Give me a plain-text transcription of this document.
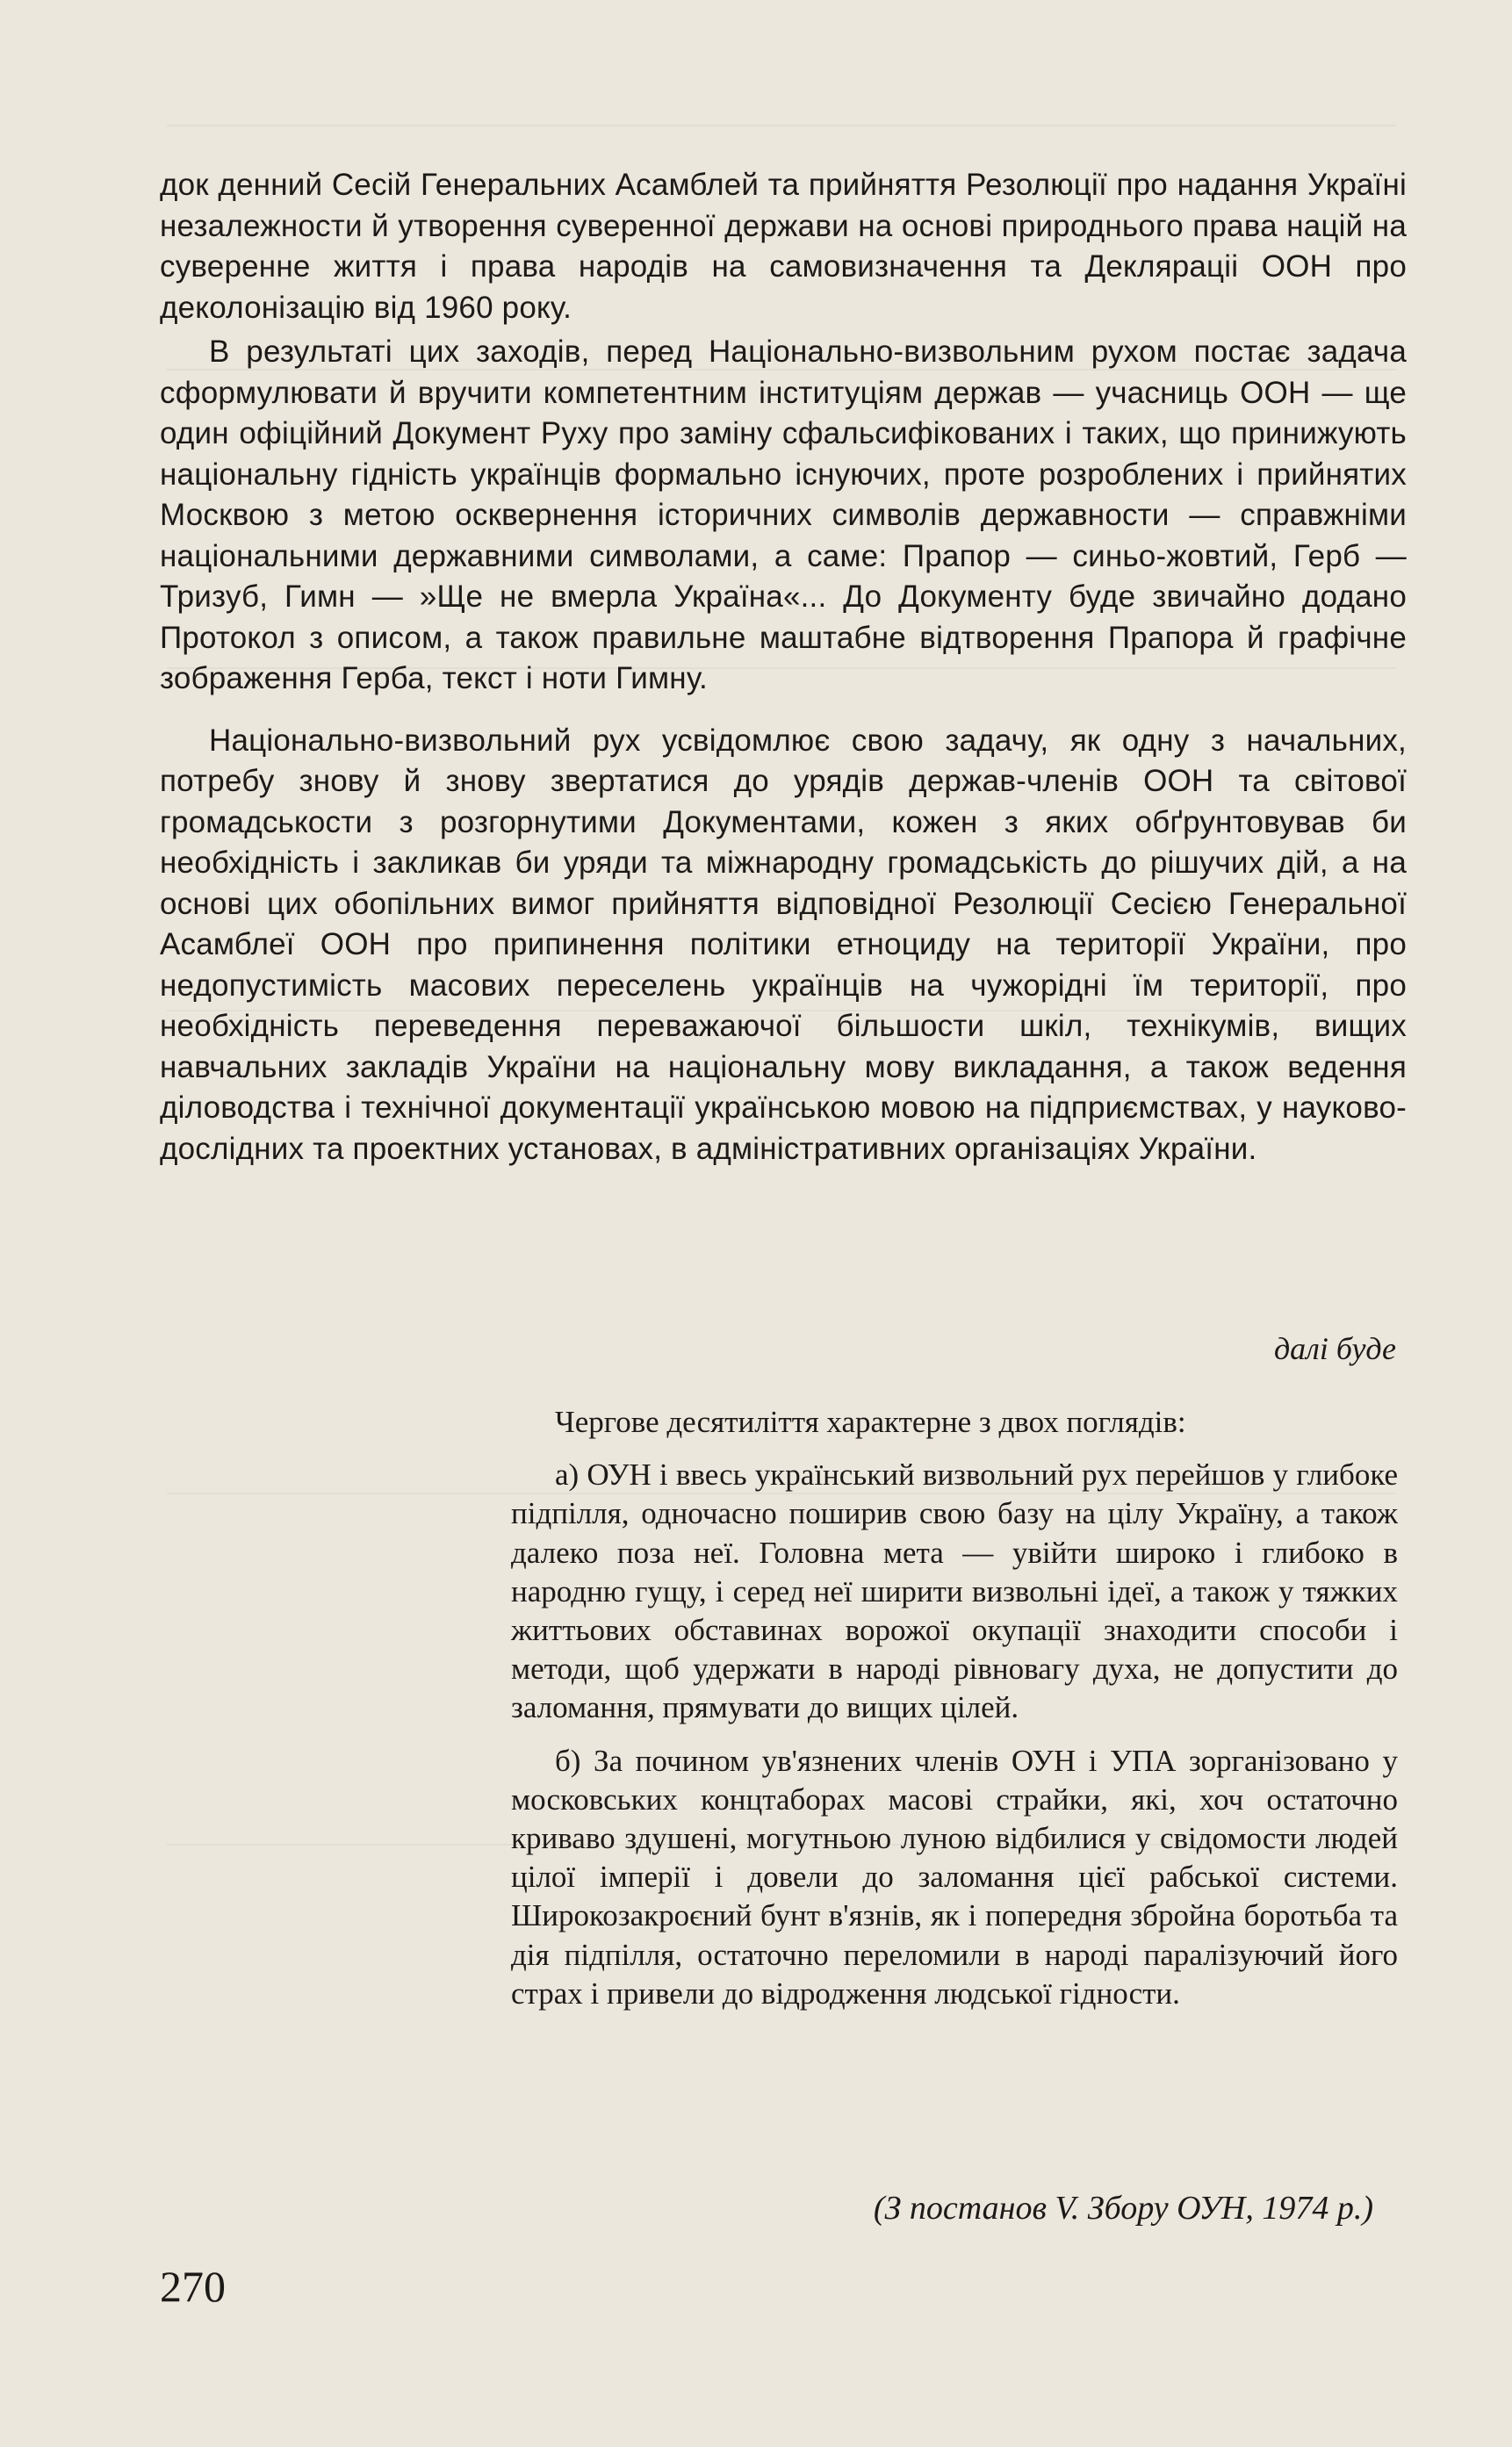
док денний Сесій Генеральних Асамблей та прийняття Резолюції про надання Україні незалежности й утворення суверенної держави на основі природнього права націй на суверенне життя і права народів на самовизначення та Декляраціі ООН про деколонізацію від 1960 року.

В результаті цих заходів, перед Національно-визвольним рухом постає задача сформулювати й вручити компетентним інституціям держав — учасниць ООН — ще один офіційний Документ Руху про заміну сфальсифікованих і таких, що принижують національну гідність українців формально існуючих, проте розроблених і прийнятих Москвою з метою осквернення історичних символів державности — справжніми національними державними символами, а саме: Прапор — синьо-жовтий, Герб — Тризуб, Гимн — »Ще не вмерла Україна«... До Документу буде звичайно додано Протокол з описом, а також правильне маштабне відтворення Прапора й графічне зображення Герба, текст і ноти Гимну.

Національно-визвольний рух усвідомлює свою задачу, як одну з начальних, потребу знову й знову звертатися до урядів держав-членів ООН та світової громадськости з розгорнутими Документами, кожен з яких обґрунтовував би необхідність і закликав би уряди та міжнародну громадськість до рішучих дій, а на основі цих обопільних вимог прийняття відповідної Резолюції Сесією Генеральної Асамблеї ООН про припинення політики етноциду на території України, про недопустимість масових переселень українців на чужорідні їм території, про необхідність переведення переважаючої більшости шкіл, технікумів, вищих навчальних закладів України на національну мову викладання, а також ведення діловодства і технічної документації українською мовою на підприємствах, у науково-дослідних та проектних установах, в адміністративних організаціях України.

далі буде

Чергове десятиліття характерне з двох поглядів:

а) ОУН і ввесь український визвольний рух перейшов у глибоке підпілля, одночасно поширив свою базу на цілу Україну, а також далеко поза неї. Головна мета — увійти широко і глибоко в народню гущу, і серед неї ширити визвольні ідеї, а також у тяжких життьових обставинах ворожої окупації знаходити способи і методи, щоб удержати в народі рівновагу духа, не допустити до заломання, прямувати до вищих цілей.

б) За почином ув'язнених членів ОУН і УПА зорганізовано у московських концтаборах масові страйки, які, хоч остаточно криваво здушені, могутньою луною відбилися у свідомости людей цілої імперії і довели до заломання цієї рабської системи. Широкозакроєний бунт в'язнів, як і попередня збройна боротьба та дія підпілля, остаточно переломили в народі паралізуючий його страх і привели до відродження людської гідности.

(З постанов V. Збору ОУН, 1974 р.)
270
